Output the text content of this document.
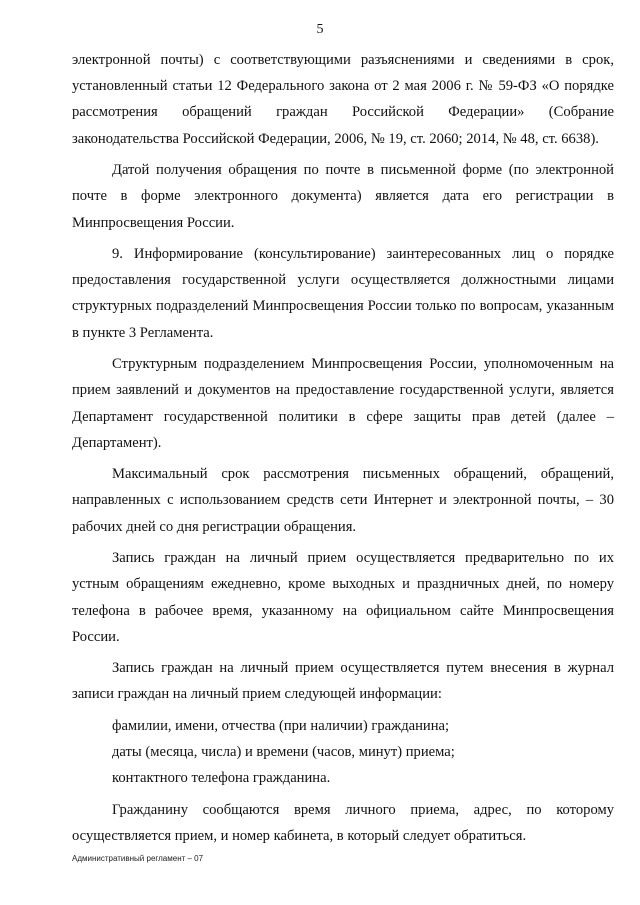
5

электронной почты) с соответствующими разъяснениями и сведениями в срок, установленный статьи 12 Федерального закона от 2 мая 2006 г. № 59-ФЗ «О порядке рассмотрения обращений граждан Российской Федерации» (Собрание законодательства Российской Федерации, 2006, № 19, ст. 2060; 2014, № 48, ст. 6638).

Датой получения обращения по почте в письменной форме (по электронной почте в форме электронного документа) является дата его регистрации в Минпросвещения России.

9. Информирование (консультирование) заинтересованных лиц о порядке предоставления государственной услуги осуществляется должностными лицами структурных подразделений Минпросвещения России только по вопросам, указанным в пункте 3 Регламента.

Структурным подразделением Минпросвещения России, уполномоченным на прием заявлений и документов на предоставление государственной услуги, является Департамент государственной политики в сфере защиты прав детей (далее – Департамент).

Максимальный срок рассмотрения письменных обращений, обращений, направленных с использованием средств сети Интернет и электронной почты, – 30 рабочих дней со дня регистрации обращения.

Запись граждан на личный прием осуществляется предварительно по их устным обращениям ежедневно, кроме выходных и праздничных дней, по номеру телефона в рабочее время, указанному на официальном сайте Минпросвещения России.

Запись граждан на личный прием осуществляется путем внесения в журнал записи граждан на личный прием следующей информации:

фамилии, имени, отчества (при наличии) гражданина;

даты (месяца, числа) и времени (часов, минут) приема;

контактного телефона гражданина.

Гражданину сообщаются время личного приема, адрес, по которому осуществляется прием, и номер кабинета, в который следует обратиться.

Административный регламент – 07
